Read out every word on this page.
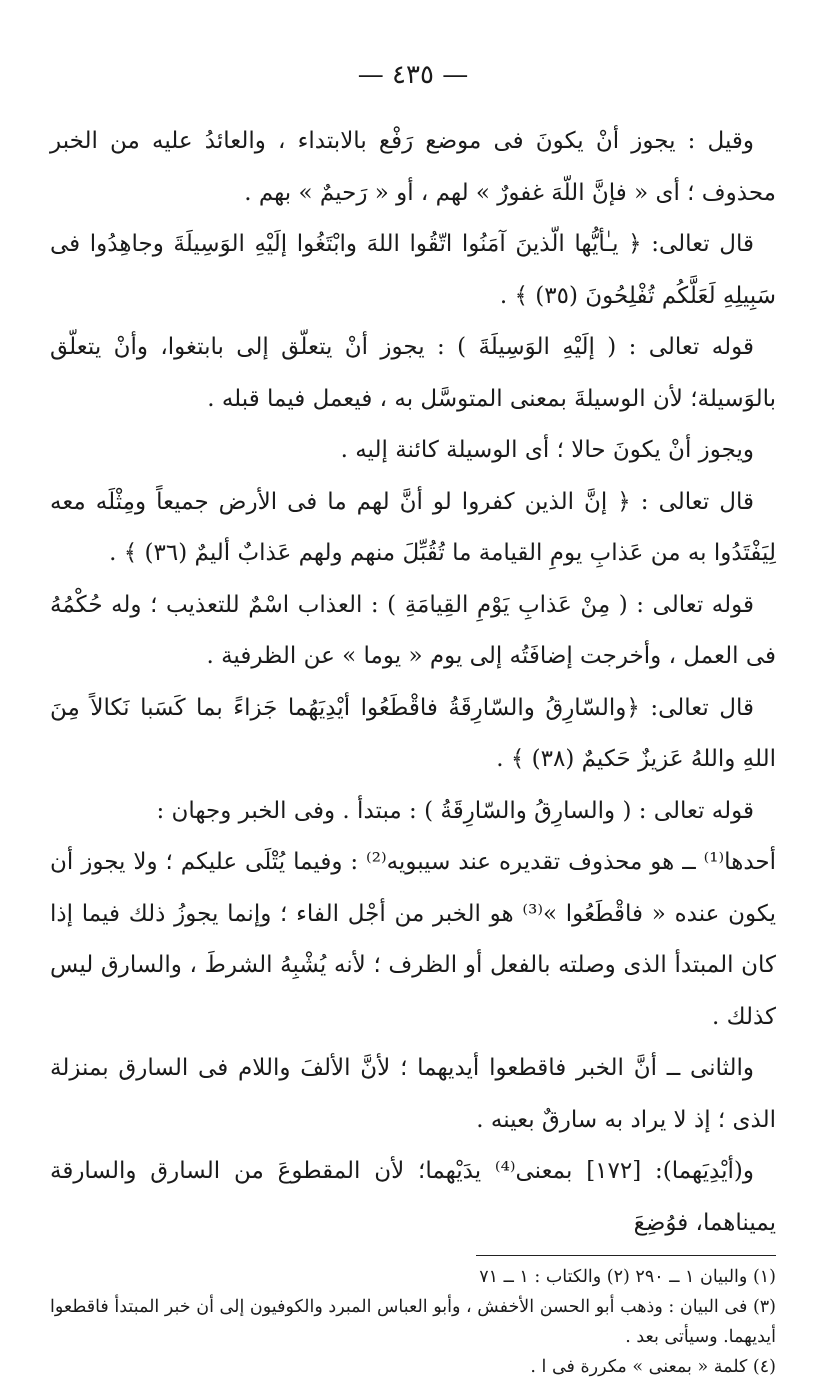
— ٤٣٥ —

وقيل : يجوز أنْ يكونَ فى موضع رَفْع بالابتداء ، والعائدُ عليه من الخبر محذوف ؛ أى « فإنَّ اللّهَ غفورٌ » لهم ، أو « رَحيمٌ » بهم .

قال تعالى: ﴿ يـٰأيُّها الّذينَ آمَنُوا اتّقُوا اللهَ وابْتَغُوا إلَيْهِ الوَسِيلَةَ وجاهِدُوا فى سَبِيلِهِ لَعَلَّكُم تُفْلِحُونَ (٣٥) ﴾ .

قوله تعالى : ( إلَيْهِ الوَسِيلَةَ ) : يجوز أنْ يتعلّق إلى بابتغوا، وأنْ يتعلّق بالوَسيلة؛ لأن الوسيلةَ بمعنى المتوسَّل به ، فيعمل فيما قبله .

ويجوز أنْ يكونَ حالا ؛ أى الوسيلة كائنة إليه .

قال تعالى : ﴿ إنَّ الذين كفروا لو أنَّ لهم ما فى الأرض جميعاً ومِثْلَه معه لِيَفْتَدُوا به من عَذابِ يومِ القيامة ما تُقُبِّلَ منهم ولهم عَذابٌ أليمٌ (٣٦) ﴾ .

قوله تعالى : ( مِنْ عَذابِ يَوْمِ القِيامَةِ ) : العذاب اسْمٌ للتعذيب ؛ وله حُكْمُهُ فى العمل ، وأخرجت إضافَتُه إلى يوم « يوما » عن الظرفية .

قال تعالى: ﴿والسّارِقُ والسّارِقَةُ فاقْطَعُوا أيْدِيَهُما جَزاءً بما كَسَبا نَكالاً مِنَ اللهِ واللهُ عَزيزٌ حَكيمٌ (٣٨) ﴾ .

قوله تعالى : ( والسارِقُ والسّارِقَةُ ) : مبتدأ . وفى الخبر وجهان :

أحدها⁽¹⁾ ــ هو محذوف تقديره عند سيبويه⁽²⁾ : وفيما يُتْلَى عليكم ؛ ولا يجوز أن يكون عنده « فاقْطَعُوا »⁽³⁾ هو الخبر من أجْل الفاء ؛ وإنما يجوزُ ذلك فيما إذا كان المبتدأ الذى وصلته بالفعل أو الظرف ؛ لأنه يُشْبِهُ الشرطَ ، والسارق ليس كذلك .

والثانى ــ أنَّ الخبر فاقطعوا أيديهما ؛ لأنَّ الألفَ واللام فى السارق بمنزلة الذى ؛ إذ لا يراد به سارقٌ بعينه .

و(أيْدِيَهما): [١٧٢] بمعنى⁽⁴⁾ يدَيْهما؛ لأن المقطوعَ من السارق والسارقة يميناهما، فوُضِعَ

(١) والبيان ١ ــ ٢٩٠ (٢) والكتاب : ١ ــ ٧١

(٣) فى البيان : وذهب أبو الحسن الأخفش ، وأبو العباس المبرد والكوفيون إلى أن خبر المبتدأ فاقطعوا أيديهما. وسيأتى بعد .

(٤) كلمة « بمعنى » مكررة فى ا .
